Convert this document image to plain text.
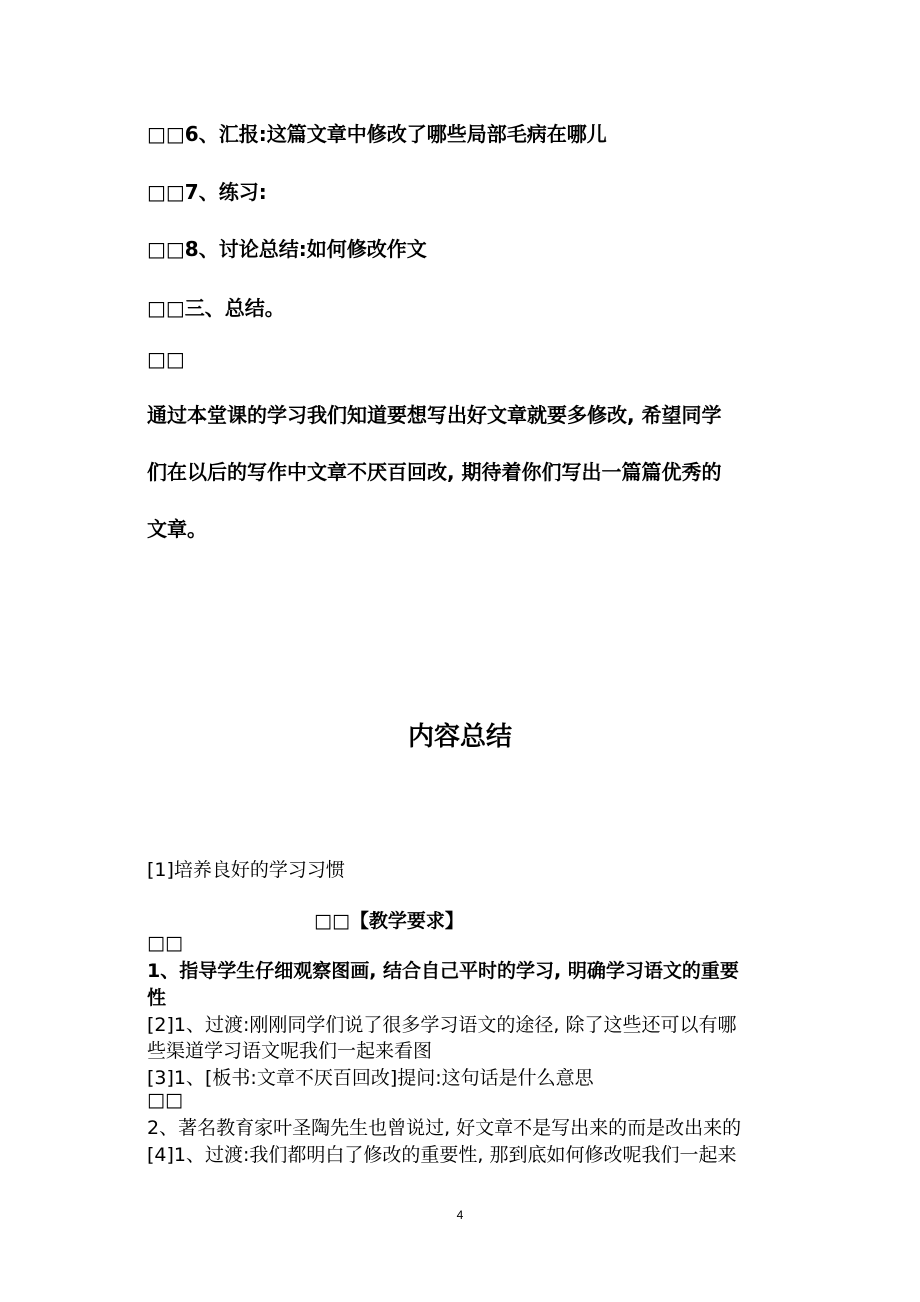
□□6、汇报:这篇文章中修改了哪些局部毛病在哪儿
□□7、练习:
□□8、讨论总结:如何修改作文
□□三、总结。
□□
通过本堂课的学习我们知道要想写出好文章就要多修改, 希望同学
们在以后的写作中文章不厌百回改, 期待着你们写出一篇篇优秀的
文章。
内容总结
[1]培养良好的学习习惯
□□【教学要求】
□□
1、指导学生仔细观察图画, 结合自己平时的学习, 明确学习语文的重要
性
[2]1、过渡:刚刚同学们说了很多学习语文的途径, 除了这些还可以有哪
些渠道学习语文呢我们一起来看图
[3]1、[板书:文章不厌百回改]提问:这句话是什么意思
□□
2、著名教育家叶圣陶先生也曾说过, 好文章不是写出来的而是改出来的
[4]1、过渡:我们都明白了修改的重要性, 那到底如何修改呢我们一起来
4
